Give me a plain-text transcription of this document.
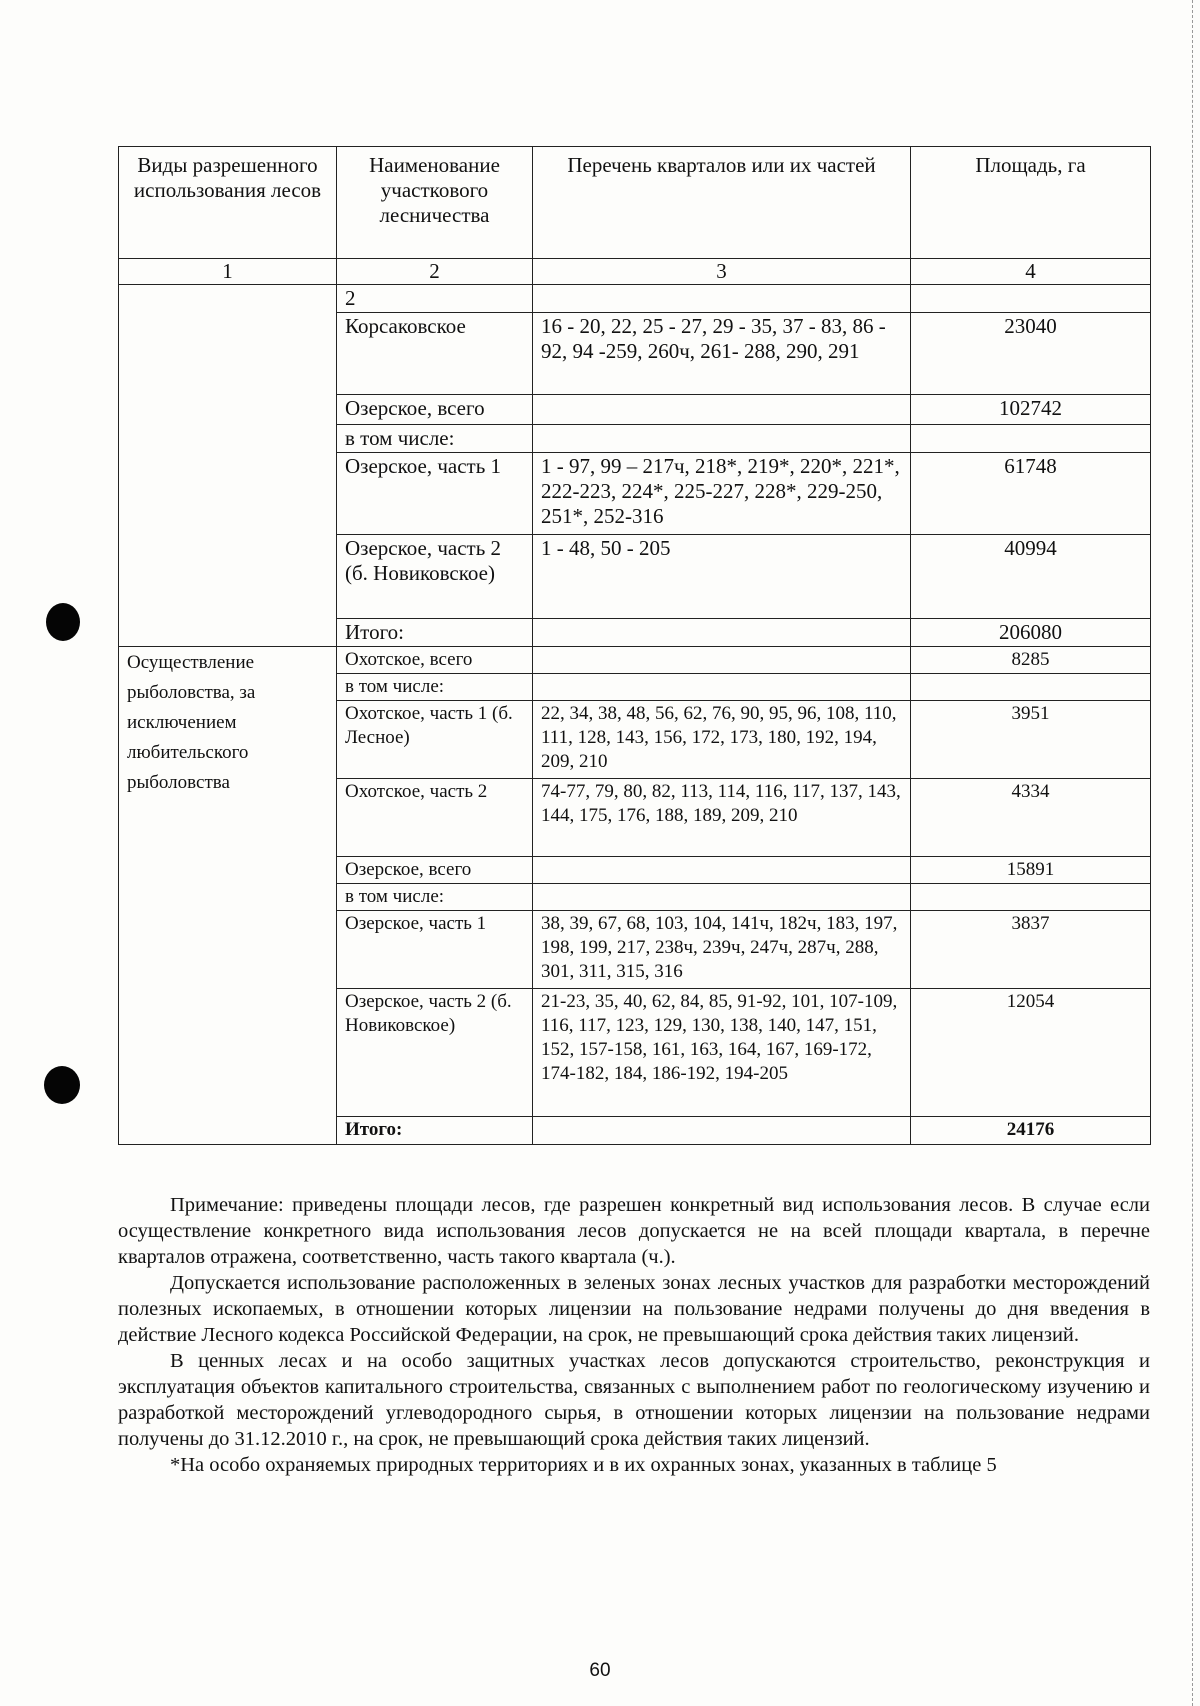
Виды разрешенного использования лесов	Наименование участкового лесничества	Перечень кварталов или их частей	Площадь, га
1	2	3	4
	2		
	Корсаковское	16 - 20, 22, 25 - 27, 29 - 35, 37 - 83, 86 - 92, 94 -259, 260ч, 261- 288, 290, 291	23040
	Озерское, всего		102742
	в том числе:		
	Озерское, часть 1	1 - 97, 99 – 217ч, 218*, 219*, 220*, 221*, 222-223, 224*, 225-227, 228*, 229-250, 251*, 252-316	61748
	Озерское, часть 2 (б. Новиковское)	1 - 48, 50 - 205	40994
	Итого:		206080
Осуществление рыболовства, за исключением любительского рыболовства	Охотское, всего		8285
	в том числе:		
	Охотское, часть 1 (б. Лесное)	22, 34, 38, 48, 56, 62, 76, 90, 95, 96, 108, 110, 111, 128, 143, 156, 172, 173, 180, 192, 194, 209, 210	3951
	Охотское, часть 2	74-77, 79, 80, 82, 113, 114, 116, 117, 137, 143, 144, 175, 176, 188, 189, 209, 210	4334
	Озерское, всего		15891
	в том числе:		
	Озерское, часть 1	38, 39, 67, 68, 103, 104, 141ч, 182ч, 183, 197, 198, 199, 217, 238ч, 239ч, 247ч, 287ч, 288, 301, 311, 315, 316	3837
	Озерское, часть 2 (б. Новиковское)	21-23, 35, 40, 62, 84, 85, 91-92, 101, 107-109, 116, 117, 123, 129, 130, 138, 140, 147, 151, 152, 157-158, 161, 163, 164, 167, 169-172, 174-182, 184, 186-192, 194-205	12054
	Итого:		24176

Примечание: приведены площади лесов, где разрешен конкретный вид использования лесов. В случае если осуществление конкретного вида использования лесов допускается не на всей площади квартала, в перечне кварталов отражена, соответственно, часть такого квартала (ч.).

Допускается использование расположенных в зеленых зонах лесных участков для разработки месторождений полезных ископаемых, в отношении которых лицензии на пользование недрами получены до дня введения в действие Лесного кодекса Российской Федерации, на срок, не превышающий срока действия таких лицензий.

В ценных лесах и на особо защитных участках лесов допускаются строительство, реконструкция и эксплуатация объектов капитального строительства, связанных с выполнением работ по геологическому изучению и разработкой месторождений углеводородного сырья, в отношении которых лицензии на пользование недрами получены до 31.12.2010 г., на срок, не превышающий срока действия таких лицензий.

*На особо охраняемых природных территориях и в их охранных зонах, указанных в таблице 5

60
